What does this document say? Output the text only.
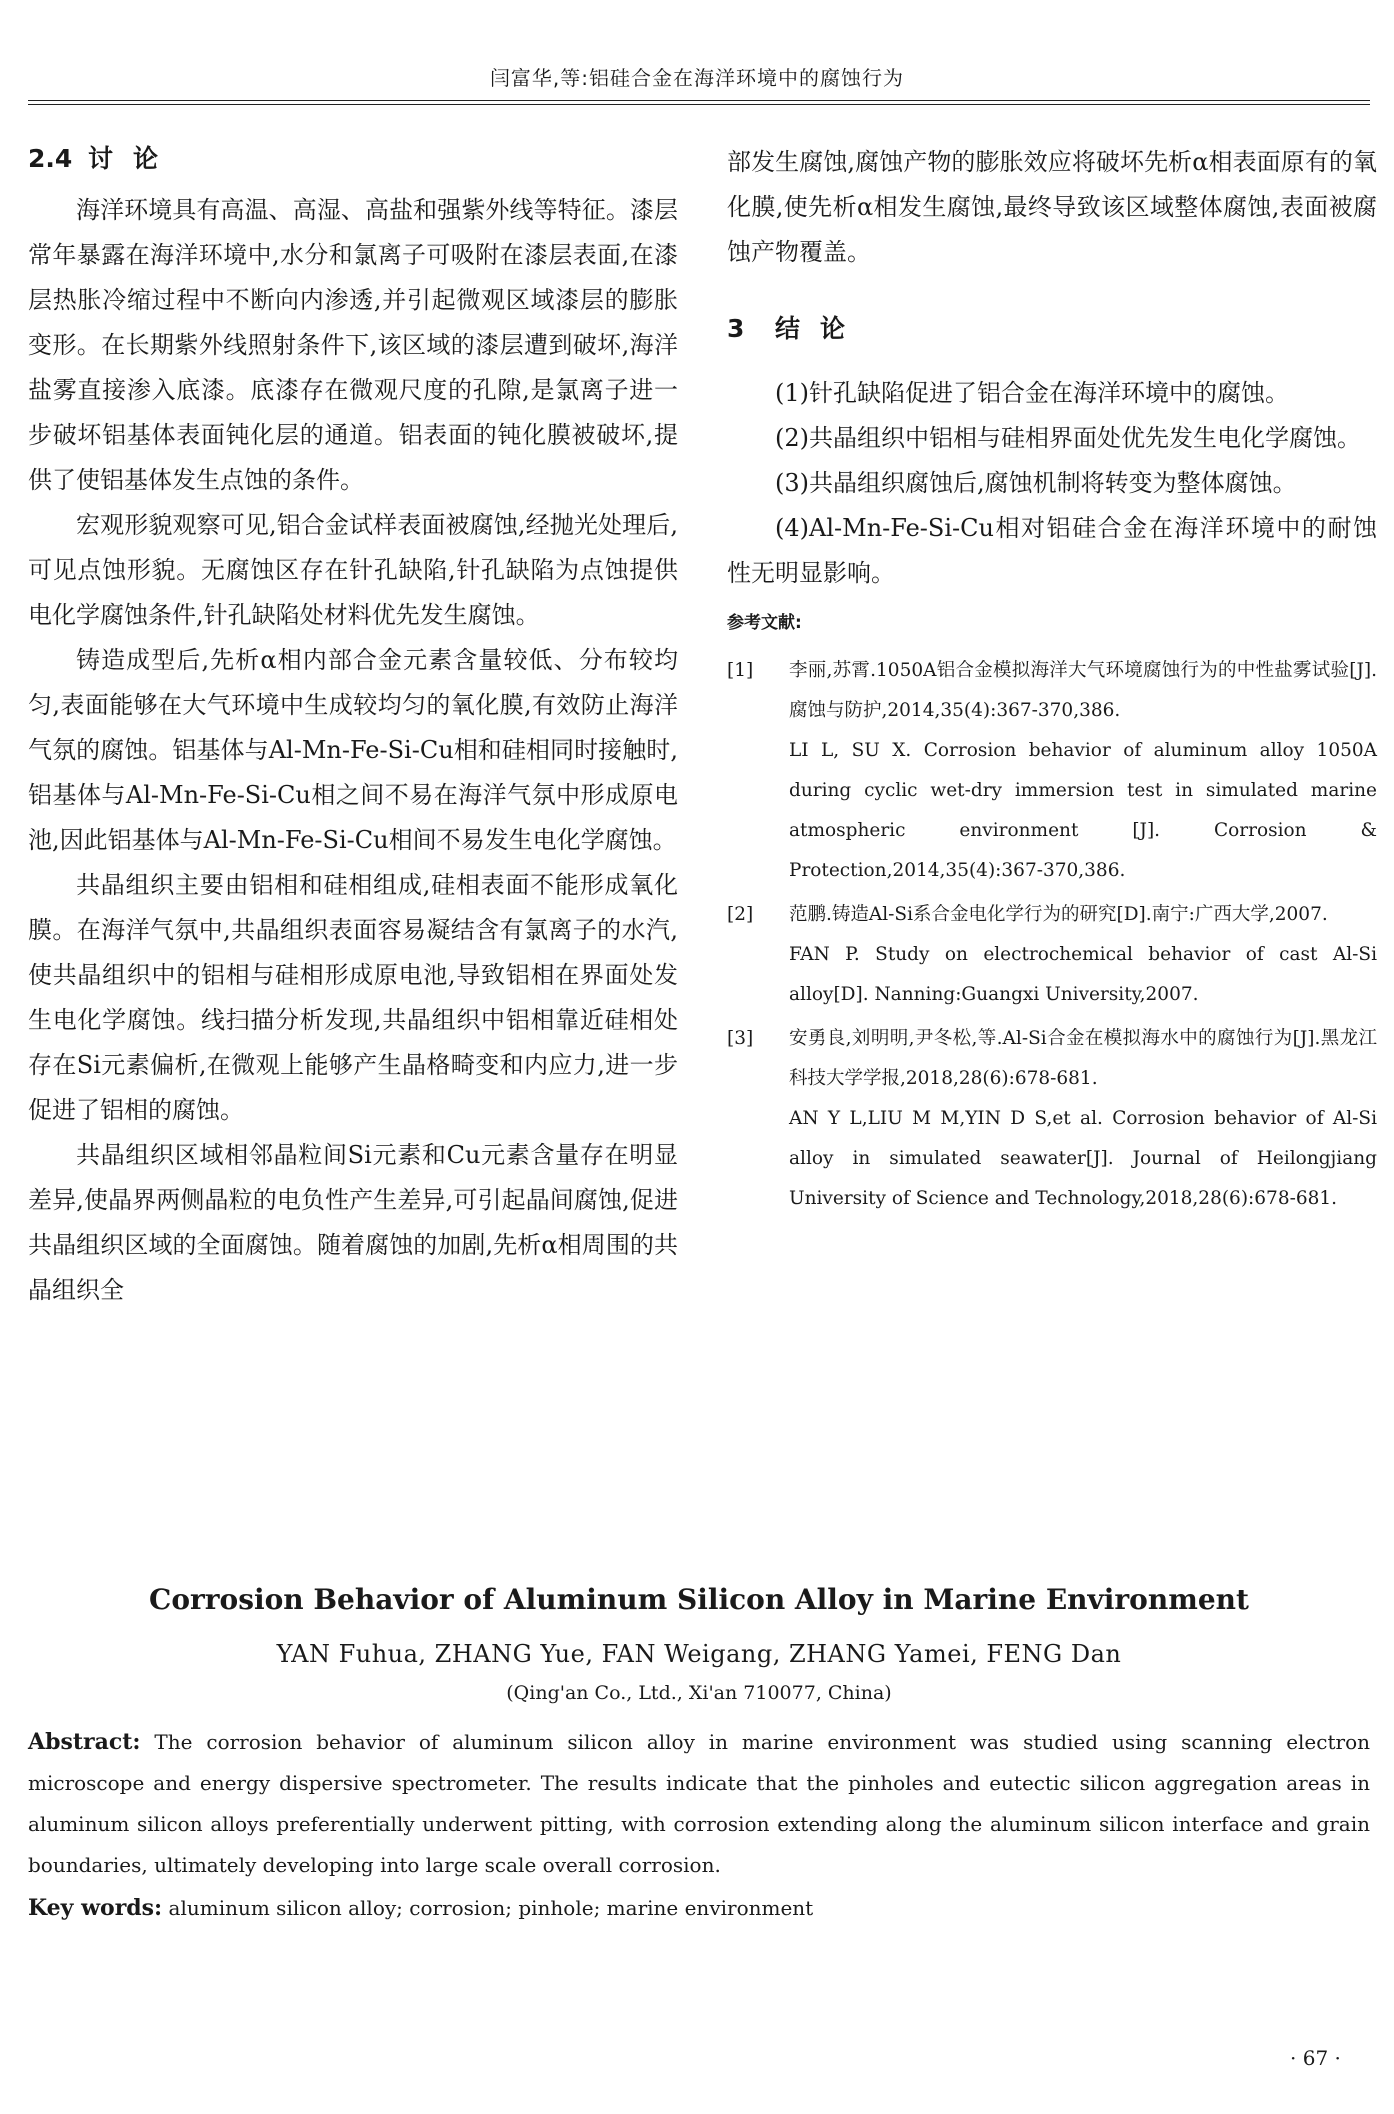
闫富华,等:铝硅合金在海洋环境中的腐蚀行为
2.4 讨论

海洋环境具有高温、高湿、高盐和强紫外线等特征。漆层常年暴露在海洋环境中,水分和氯离子可吸附在漆层表面,在漆层热胀冷缩过程中不断向内渗透,并引起微观区域漆层的膨胀变形。在长期紫外线照射条件下,该区域的漆层遭到破坏,海洋盐雾直接渗入底漆。底漆存在微观尺度的孔隙,是氯离子进一步破坏铝基体表面钝化层的通道。铝表面的钝化膜被破坏,提供了使铝基体发生点蚀的条件。

宏观形貌观察可见,铝合金试样表面被腐蚀,经抛光处理后,可见点蚀形貌。无腐蚀区存在针孔缺陷,针孔缺陷为点蚀提供电化学腐蚀条件,针孔缺陷处材料优先发生腐蚀。

铸造成型后,先析α相内部合金元素含量较低、分布较均匀,表面能够在大气环境中生成较均匀的氧化膜,有效防止海洋气氛的腐蚀。铝基体与Al-Mn-Fe-Si-Cu相和硅相同时接触时,铝基体与Al-Mn-Fe-Si-Cu相之间不易在海洋气氛中形成原电池,因此铝基体与Al-Mn-Fe-Si-Cu相间不易发生电化学腐蚀。

共晶组织主要由铝相和硅相组成,硅相表面不能形成氧化膜。在海洋气氛中,共晶组织表面容易凝结含有氯离子的水汽,使共晶组织中的铝相与硅相形成原电池,导致铝相在界面处发生电化学腐蚀。线扫描分析发现,共晶组织中铝相靠近硅相处存在Si元素偏析,在微观上能够产生晶格畸变和内应力,进一步促进了铝相的腐蚀。

共晶组织区域相邻晶粒间Si元素和Cu元素含量存在明显差异,使晶界两侧晶粒的电负性产生差异,可引起晶间腐蚀,促进共晶组织区域的全面腐蚀。随着腐蚀的加剧,先析α相周围的共晶组织全

部发生腐蚀,腐蚀产物的膨胀效应将破坏先析α相表面原有的氧化膜,使先析α相发生腐蚀,最终导致该区域整体腐蚀,表面被腐蚀产物覆盖。

3 结论

(1)针孔缺陷促进了铝合金在海洋环境中的腐蚀。

(2)共晶组织中铝相与硅相界面处优先发生电化学腐蚀。

(3)共晶组织腐蚀后,腐蚀机制将转变为整体腐蚀。

(4)Al-Mn-Fe-Si-Cu相对铝硅合金在海洋环境中的耐蚀性无明显影响。

参考文献:
[1]	李丽,苏霄.1050A铝合金模拟海洋大气环境腐蚀行为的中性盐雾试验[J].腐蚀与防护,2014,35(4):367-370,386.

LI L, SU X. Corrosion behavior of aluminum alloy 1050A during cyclic wet-dry immersion test in simulated marine atmospheric environment [J]. Corrosion & Protection,2014,35(4):367-370,386.

[2]	范鹏.铸造Al-Si系合金电化学行为的研究[D].南宁:广西大学,2007.

FAN P. Study on electrochemical behavior of cast Al-Si alloy[D]. Nanning:Guangxi University,2007.

[3]	安勇良,刘明明,尹冬松,等.Al-Si合金在模拟海水中的腐蚀行为[J].黑龙江科技大学学报,2018,28(6):678-681.

AN Y L,LIU M M,YIN D S,et al. Corrosion behavior of Al-Si alloy in simulated seawater[J]. Journal of Heilongjiang University of Science and Technology,2018,28(6):678-681.

Corrosion Behavior of Aluminum Silicon Alloy in Marine Environment

YAN Fuhua, ZHANG Yue, FAN Weigang, ZHANG Yamei, FENG Dan

(Qing'an Co., Ltd., Xi'an 710077, China)

Abstract: The corrosion behavior of aluminum silicon alloy in marine environment was studied using scanning electron microscope and energy dispersive spectrometer. The results indicate that the pinholes and eutectic silicon aggregation areas in aluminum silicon alloys preferentially underwent pitting, with corrosion extending along the aluminum silicon interface and grain boundaries, ultimately developing into large scale overall corrosion.

Key words: aluminum silicon alloy; corrosion; pinhole; marine environment

· 67 ·
